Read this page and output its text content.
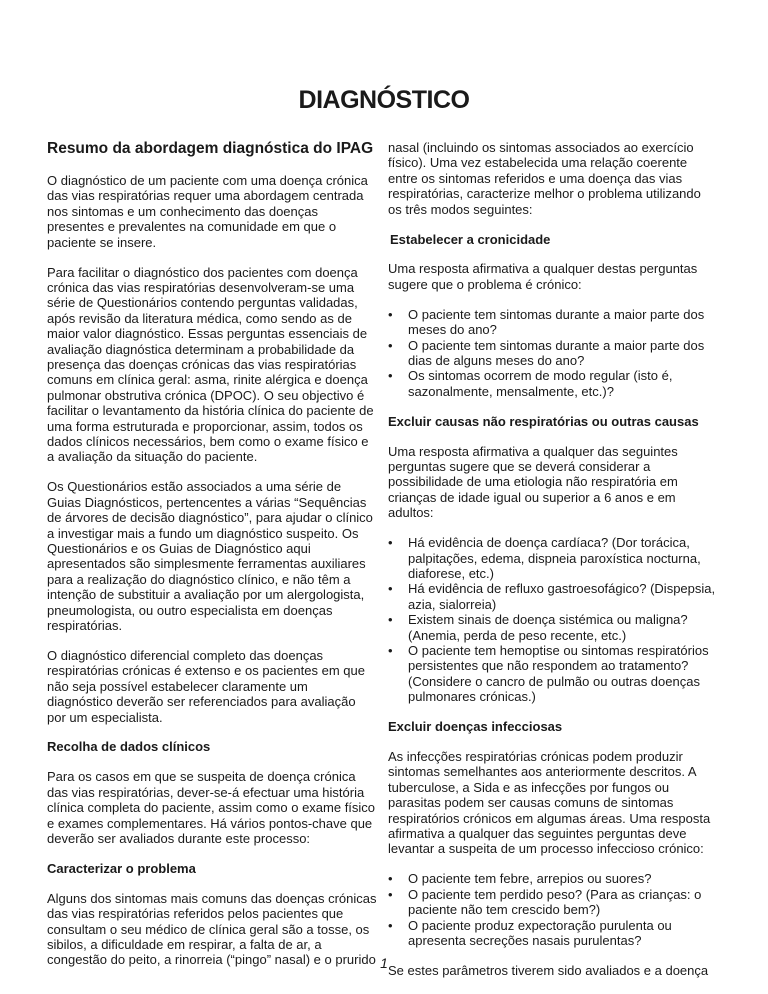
DIAGNÓSTICO
Resumo da abordagem diagnóstica do IPAG

O diagnóstico de um paciente com uma doença crónica das vias respiratórias requer uma abordagem centrada nos sintomas e um conhecimento das doenças presentes e prevalentes na comunidade em que o paciente se insere.

Para facilitar o diagnóstico dos pacientes com doença crónica das vias respiratórias desenvolveram-se uma série de Questionários contendo perguntas validadas, após revisão da literatura médica, como sendo as de maior valor diagnóstico. Essas perguntas essenciais de avaliação diagnóstica determinam a probabilidade da presença das doenças crónicas das vias respiratórias comuns em clínica geral: asma, rinite alérgica e doença pulmonar obstrutiva crónica (DPOC). O seu objectivo é facilitar o levantamento da história clínica do paciente de uma forma estruturada e proporcionar, assim, todos os dados clínicos necessários, bem como o exame físico e a avaliação da situação do paciente.

Os Questionários estão associados a uma série de Guias Diagnósticos, pertencentes a várias “Sequências de árvores de decisão diagnóstico”, para ajudar o clínico a investigar mais a fundo um diagnóstico suspeito. Os Questionários e os Guias de Diagnóstico aqui apresentados são simplesmente ferramentas auxiliares para a realização do diagnóstico clínico, e não têm a intenção de substituir a avaliação por um alergologista, pneumologista, ou outro especialista em doenças respiratórias.

O diagnóstico diferencial completo das doenças respiratórias crónicas é extenso e os pacientes em que não seja possível estabelecer claramente um diagnóstico deverão ser referenciados para avaliação por um especialista.

Recolha de dados clínicos

Para os casos em que se suspeita de doença crónica das vias respiratórias, dever-se-á efectuar uma história clínica completa do paciente, assim como o exame físico e exames complementares. Há vários pontos-chave que deverão ser avaliados durante este processo:

Caracterizar o problema

Alguns dos sintomas mais comuns das doenças crónicas das vias respiratórias referidos pelos pacientes que consultam o seu médico de clínica geral são a tosse, os sibilos, a dificuldade em respirar, a falta de ar, a congestão do peito, a rinorreia (“pingo” nasal) e o prurido

nasal (incluindo os sintomas associados ao exercício físico). Uma vez estabelecida uma relação coerente entre os sintomas referidos e uma doença das vias respiratórias, caracterize melhor o problema utilizando os três modos seguintes:

Estabelecer a cronicidade

Uma resposta afirmativa a qualquer destas perguntas sugere que o problema é crónico:

• O paciente tem sintomas durante a maior parte dos meses do ano?
• O paciente tem sintomas durante a maior parte dos dias de alguns meses do ano?
• Os sintomas ocorrem de modo regular (isto é, sazonalmente, mensalmente, etc.)?
Excluir causas não respiratórias ou outras causas

Uma resposta afirmativa a qualquer das seguintes perguntas sugere que se deverá considerar a possibilidade de uma etiologia não respiratória em crianças de idade igual ou superior a 6 anos e em adultos:

• Há evidência de doença cardíaca? (Dor torácica, palpitações, edema, dispneia paroxística nocturna, diaforese, etc.)
• Há evidência de refluxo gastroesofágico? (Dispepsia, azia, sialorreia)
• Existem sinais de doença sistémica ou maligna? (Anemia, perda de peso recente, etc.)
• O paciente tem hemoptise ou sintomas respiratórios persistentes que não respondem ao tratamento? (Considere o cancro de pulmão ou outras doenças pulmonares crónicas.)
Excluir doenças infecciosas

As infecções respiratórias crónicas podem produzir sintomas semelhantes aos anteriormente descritos. A tuberculose, a Sida e as infecções por fungos ou parasitas podem ser causas comuns de sintomas respiratórios crónicos em algumas áreas. Uma resposta afirmativa a qualquer das seguintes perguntas deve levantar a suspeita de um processo infeccioso crónico:

• O paciente tem febre, arrepios ou suores?
• O paciente tem perdido peso? (Para as crianças: o paciente não tem crescido bem?)
• O paciente produz expectoração purulenta ou apresenta secreções nasais purulentas?

Se estes parâmetros tiverem sido avaliados e a doença

1
